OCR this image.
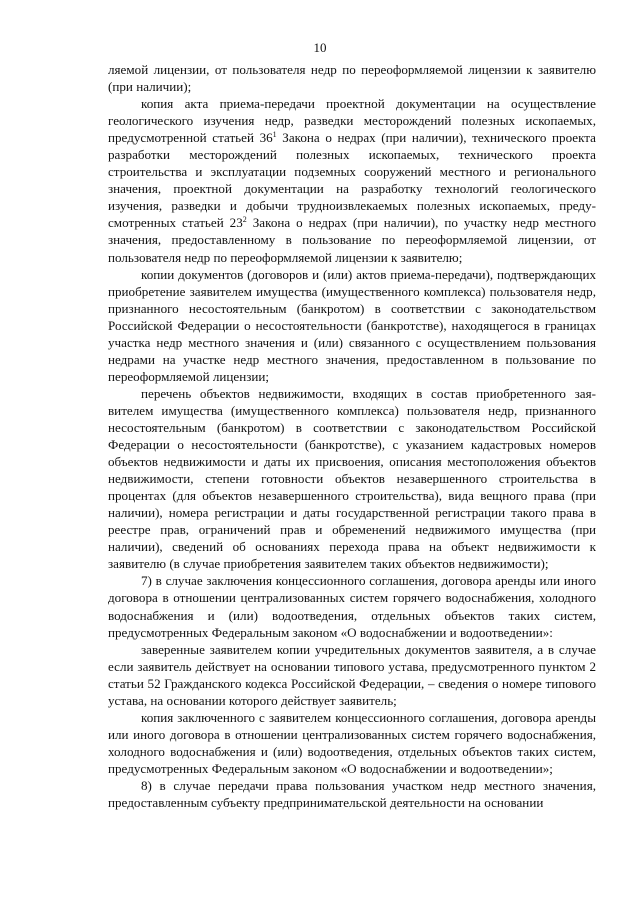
10

ляемой лицензии, от пользователя недр по переоформляемой лицензии к заявителю (при наличии);

копия акта приема-передачи проектной документации на осуществление геологического изучения недр, разведки месторождений полезных ископаемых, предусмотренной статьей $36^1$ Закона о недрах (при наличии), технического проекта разработки месторождений полезных ископаемых, технического проекта строительства и эксплуатации подземных сооружений местного и регионального значения, проектной документации на разработку технологий геологического изучения, разведки и добычи трудноизвлекаемых полезных ископаемых, предусмотренных статьей $23^2$ Закона о недрах (при наличии), по участку недр местного значения, предоставленному в пользование по переоформляемой лицензии, от пользователя недр по переоформляемой лицензии к заявителю;

копии документов (договоров и (или) актов приема-передачи), подтверждающих приобретение заявителем имущества (имущественного комплекса) пользователя недр, признанного несостоятельным (банкротом) в соответствии с законодательством Российской Федерации о несостоятельности (банкротстве), находящегося в границах участка недр местного значения и (или) связанного с осуществлением пользования недрами на участке недр местного значения, предоставленном в пользование по переоформляемой лицензии;

перечень объектов недвижимости, входящих в состав приобретенного заявителем имущества (имущественного комплекса) пользователя недр, признанного несостоятельным (банкротом) в соответствии с законодательством Российской Федерации о несостоятельности (банкротстве), с указанием кадастровых номеров объектов недвижимости и даты их присвоения, описания местоположения объектов недвижимости, степени готовности объектов незавершенного строительства в процентах (для объектов незавершенного строительства), вида вещного права (при наличии), номера регистрации и даты государственной регистрации такого права в реестре прав, ограничений прав и обременений недвижимого имущества (при наличии), сведений об основаниях перехода права на объект недвижимости к заявителю (в случае приобретения заявителем таких объектов недвижимости);

7) в случае заключения концессионного соглашения, договора аренды или иного договора в отношении централизованных систем горячего водоснабжения, холодного водоснабжения и (или) водоотведения, отдельных объектов таких систем, предусмотренных Федеральным законом «О водоснабжении и водоотведении»:

заверенные заявителем копии учредительных документов заявителя, а в случае если заявитель действует на основании типового устава, предусмотренного пунктом 2 статьи 52 Гражданского кодекса Российской Федерации, – сведения о номере типового устава, на основании которого действует заявитель;

копия заключенного с заявителем концессионного соглашения, договора аренды или иного договора в отношении централизованных систем горячего водоснабжения, холодного водоснабжения и (или) водоотведения, отдельных объектов таких систем, предусмотренных Федеральным законом «О водоснабжении и водоотведении»;

8) в случае передачи права пользования участком недр местного значения, предоставленным субъекту предпринимательской деятельности на основании
